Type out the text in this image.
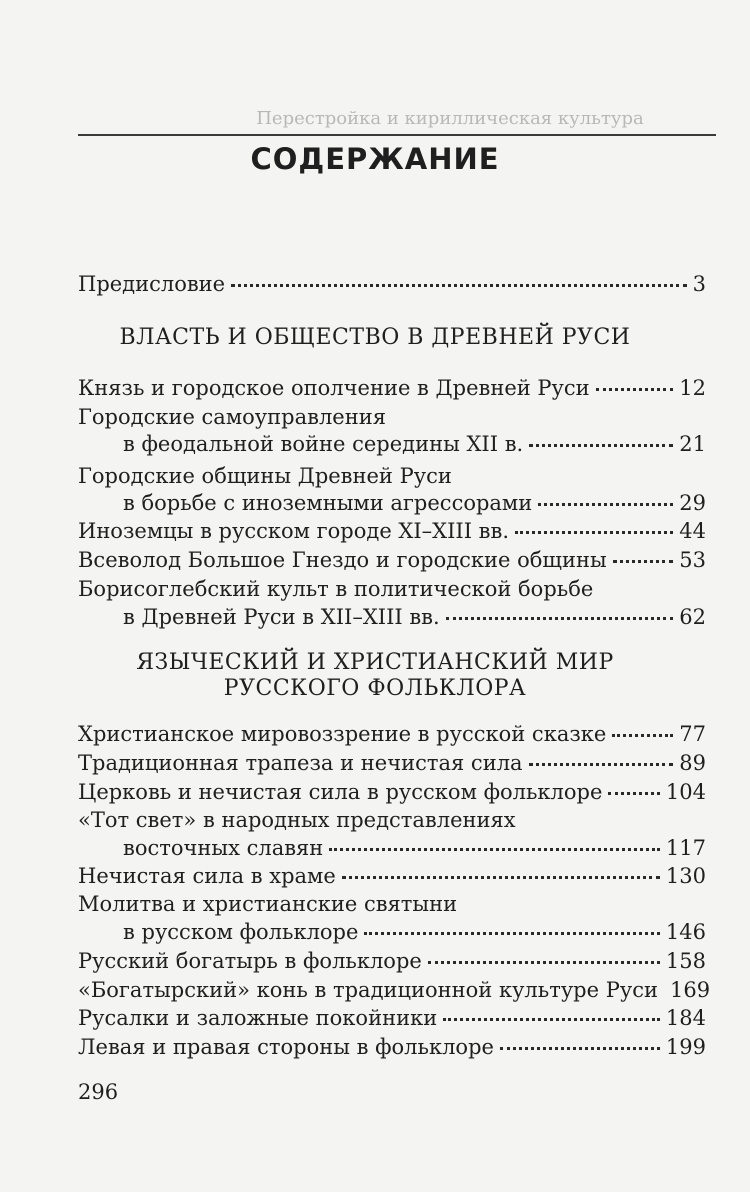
Перестройка и кириллическая культура
СОДЕРЖАНИЕ
Предисловие	3
ВЛАСТЬ И ОБЩЕСТВО В ДРЕВНЕЙ РУСИ
Князь и городское ополчение в Древней Руси	12
Городские самоуправления
в феодальной войне середины XII в.	21
Городские общины Древней Руси
в борьбе с иноземными агрессорами	29
Иноземцы в русском городе XI–XIII вв.	44
Всеволод Большое Гнездо и городские общины	53
Борисоглебский культ в политической борьбе
в Древней Руси в XII–XIII вв.	62
ЯЗЫЧЕСКИЙ И ХРИСТИАНСКИЙ МИР
РУССКОГО ФОЛЬКЛОРА
Христианское мировоззрение в русской сказке	77
Традиционная трапеза и нечистая сила	89
Церковь и нечистая сила в русском фольклоре	104
«Тот свет» в народных представлениях
восточных славян	117
Нечистая сила в храме	130
Молитва и христианские святыни
в русском фольклоре	146
Русский богатырь в фольклоре	158
«Богатырский» конь в традиционной культуре Руси 169
Русалки и заложные покойники	184
Левая и правая стороны в фольклоре	199
296
